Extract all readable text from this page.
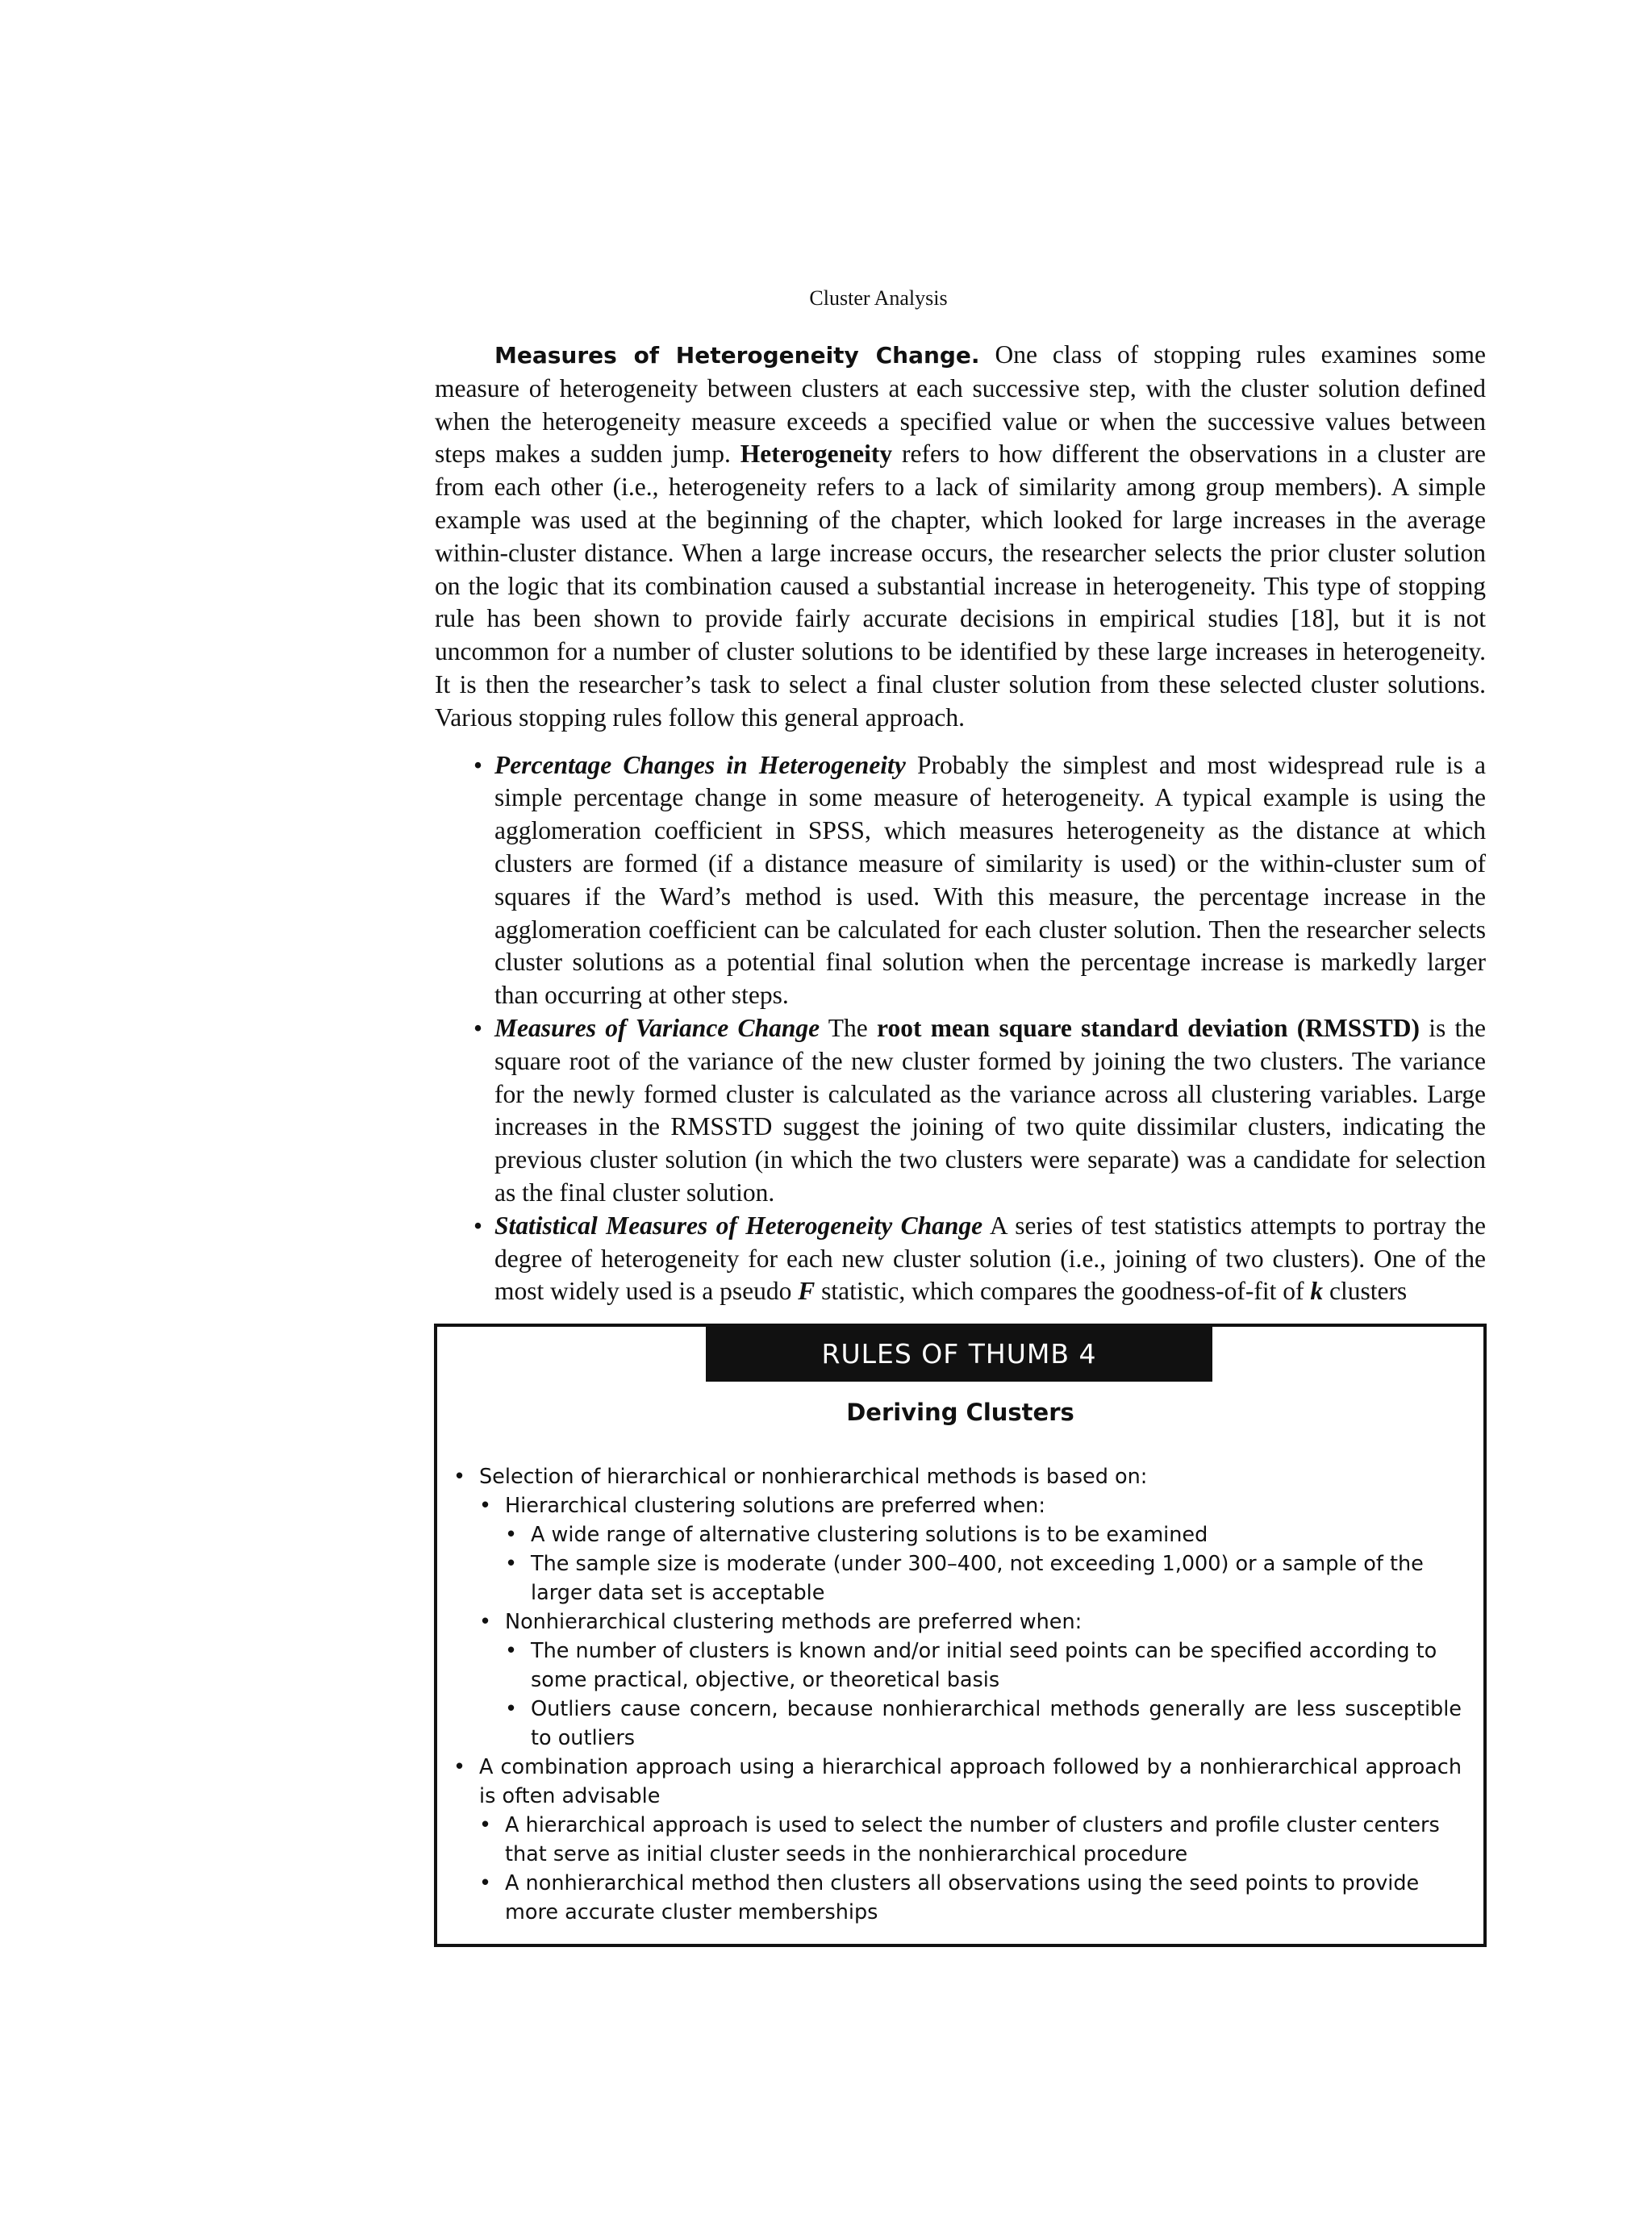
Cluster Analysis

Measures of Heterogeneity Change. One class of stopping rules examines some measure of heterogeneity between clusters at each successive step, with the cluster solution defined when the heterogeneity measure exceeds a specified value or when the successive values between steps makes a sudden jump. Heterogeneity refers to how different the observations in a cluster are from each other (i.e., heterogeneity refers to a lack of similarity among group members). A simple example was used at the beginning of the chapter, which looked for large increases in the average within-cluster distance. When a large increase occurs, the researcher selects the prior cluster solution on the logic that its combination caused a substantial increase in heterogeneity. This type of stopping rule has been shown to provide fairly accurate decisions in empirical studies [18], but it is not uncommon for a number of cluster solutions to be identified by these large increases in heterogeneity. It is then the researcher’s task to select a final cluster solution from these selected cluster solutions. Various stopping rules follow this general approach.

• Percentage Changes in Heterogeneity Probably the simplest and most widespread rule is a simple percentage change in some measure of heterogeneity. A typical example is using the agglomeration coefficient in SPSS, which measures heterogeneity as the distance at which clusters are formed (if a distance measure of similarity is used) or the within-cluster sum of squares if the Ward’s method is used. With this measure, the percentage increase in the agglomeration coefficient can be calculated for each cluster solution. Then the researcher selects cluster solutions as a potential final solution when the percentage increase is markedly larger than occurring at other steps.
• Measures of Variance Change The root mean square standard deviation (RMSSTD) is the square root of the variance of the new cluster formed by joining the two clusters. The variance for the newly formed cluster is calculated as the variance across all clustering variables. Large increases in the RMSSTD suggest the joining of two quite dissimilar clusters, indicating the previous cluster solution (in which the two clusters were separate) was a candidate for selection as the final cluster solution.
• Statistical Measures of Heterogeneity Change A series of test statistics attempts to portray the degree of heterogeneity for each new cluster solution (i.e., joining of two clusters). One of the most widely used is a pseudo F statistic, which compares the goodness-of-fit of k clusters
RULES OF THUMB 4
Deriving Clusters
• Selection of hierarchical or nonhierarchical methods is based on:
• Hierarchical clustering solutions are preferred when:
• A wide range of alternative clustering solutions is to be examined
• The sample size is moderate (under 300–400, not exceeding 1,000) or a sample of the larger data set is acceptable
• Nonhierarchical clustering methods are preferred when:
• The number of clusters is known and/or initial seed points can be specified according to some practical, objective, or theoretical basis
• Outliers cause concern, because nonhierarchical methods generally are less susceptible to outliers
• A combination approach using a hierarchical approach followed by a nonhierarchical approach is often advisable
• A hierarchical approach is used to select the number of clusters and profile cluster centers that serve as initial cluster seeds in the nonhierarchical procedure
• A nonhierarchical method then clusters all observations using the seed points to provide more accurate cluster memberships
